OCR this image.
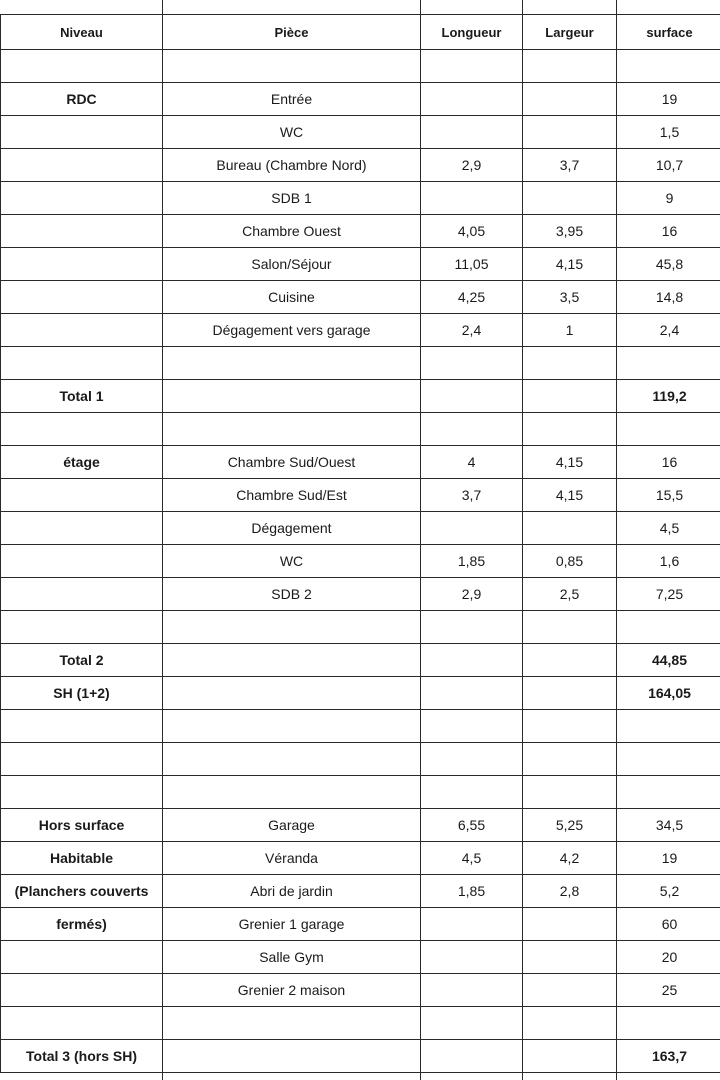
Niveau	Pièce	Longueur	Largeur	surface

RDC	Entrée			19
	WC			1,5
	Bureau (Chambre Nord)	2,9	3,7	10,7
	SDB 1			9
	Chambre Ouest	4,05	3,95	16
	Salon/Séjour	11,05	4,15	45,8
	Cuisine	4,25	3,5	14,8
	Dégagement vers garage	2,4	1	2,4

Total 1				119,2

étage	Chambre Sud/Ouest	4	4,15	16
	Chambre Sud/Est	3,7	4,15	15,5
	Dégagement			4,5
	WC	1,85	0,85	1,6
	SDB 2	2,9	2,5	7,25

Total 2				44,85
SH (1+2)				164,05

Hors surface	Garage	6,55	5,25	34,5
Habitable	Véranda	4,5	4,2	19
(Planchers couverts	Abri de jardin	1,85	2,8	5,2
fermés)	Grenier 1 garage			60
	Salle Gym			20
	Grenier 2 maison			25

Total 3 (hors SH)				163,7
